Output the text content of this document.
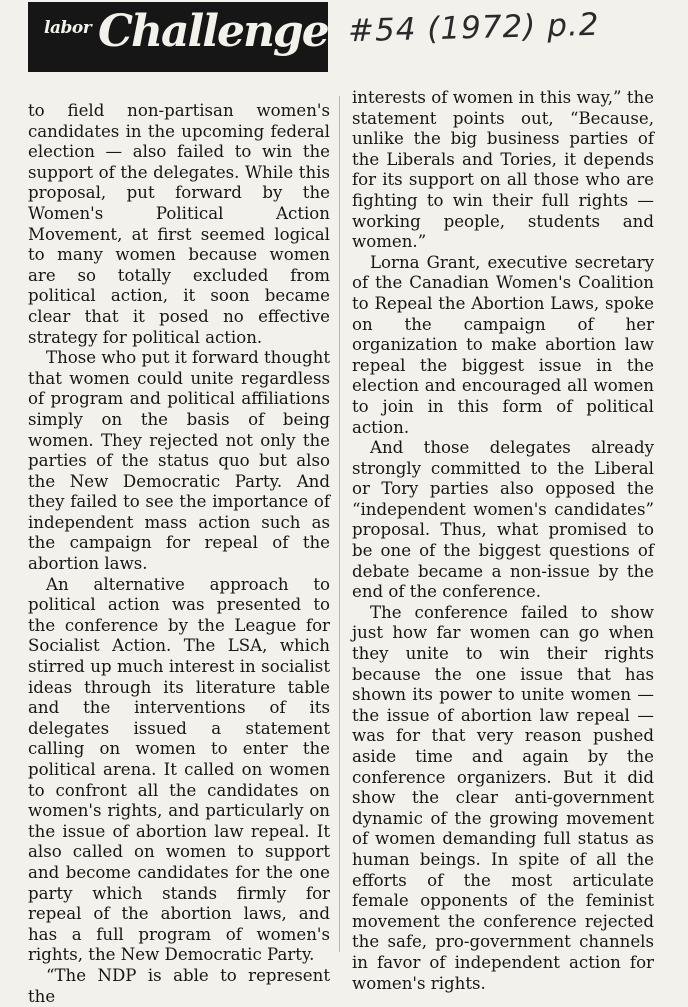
labor Challenge #54 (1972) p.2

to field non-partisan women's candidates in the upcoming federal election — also failed to win the support of the delegates. While this proposal, put forward by the Women's Political Action Movement, at first seemed logical to many women because women are so totally excluded from political action, it soon became clear that it posed no effective strategy for political action.

Those who put it forward thought that women could unite regardless of program and political affiliations simply on the basis of being women. They rejected not only the parties of the status quo but also the New Democratic Party. And they failed to see the importance of independent mass action such as the campaign for repeal of the abortion laws.

An alternative approach to political action was presented to the conference by the League for Socialist Action. The LSA, which stirred up much interest in socialist ideas through its literature table and the interventions of its delegates issued a statement calling on women to enter the political arena. It called on women to confront all the candidates on women's rights, and particularly on the issue of abortion law repeal. It also called on women to support and become candidates for the one party which stands firmly for repeal of the abortion laws, and has a full program of women's rights, the New Democratic Party.

“The NDP is able to represent the

interests of women in this way,” the statement points out, “Because, unlike the big business parties of the Liberals and Tories, it depends for its support on all those who are fighting to win their full rights — working people, students and women.”

Lorna Grant, executive secretary of the Canadian Women's Coalition to Repeal the Abortion Laws, spoke on the campaign of her organization to make abortion law repeal the biggest issue in the election and encouraged all women to join in this form of political action.

And those delegates already strongly committed to the Liberal or Tory parties also opposed the “independent women's candidates” proposal. Thus, what promised to be one of the biggest questions of debate became a non-issue by the end of the conference.

The conference failed to show just how far women can go when they unite to win their rights because the one issue that has shown its power to unite women — the issue of abortion law repeal — was for that very reason pushed aside time and again by the conference organizers. But it did show the clear anti-government dynamic of the growing movement of women demanding full status as human beings. In spite of all the efforts of the most articulate female opponents of the feminist movement the conference rejected the safe, pro-government channels in favor of independent action for women's rights.
